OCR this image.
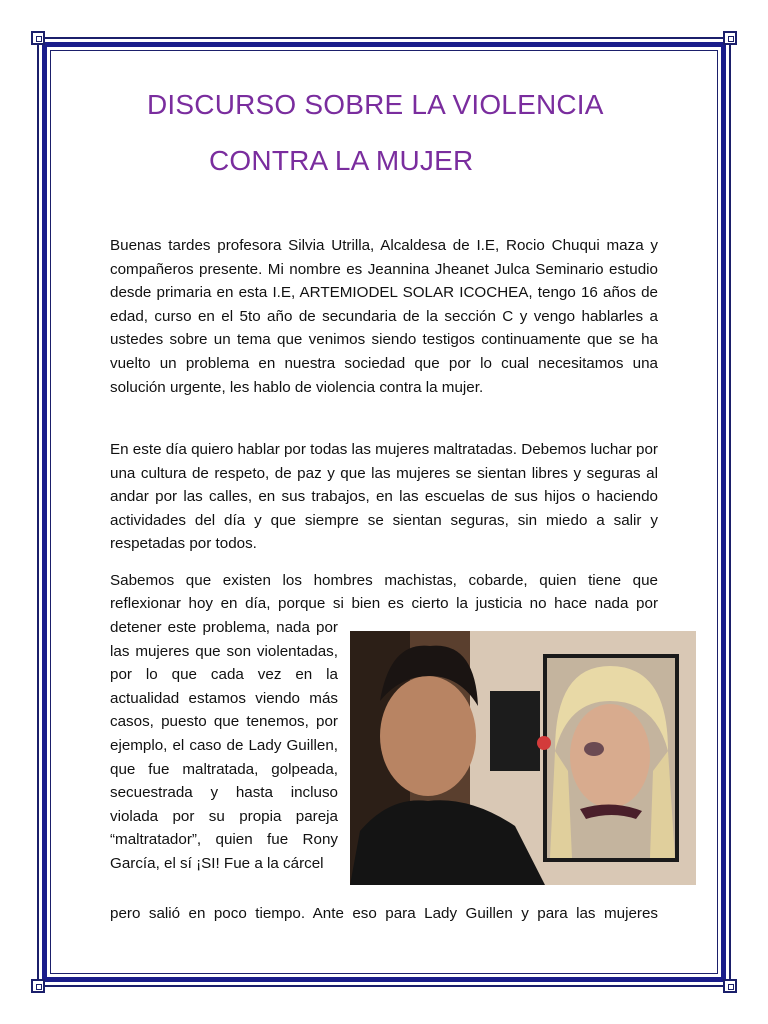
DISCURSO SOBRE LA VIOLENCIA
CONTRA LA MUJER

Buenas tardes profesora Silvia Utrilla, Alcaldesa de I.E, Rocio Chuqui maza y compañeros presente. Mi nombre es Jeannina Jheanet Julca Seminario estudio desde primaria en esta I.E, ARTEMIODEL SOLAR ICOCHEA, tengo 16 años de edad, curso en el 5to año de secundaria de la sección C y vengo hablarles a ustedes sobre un tema que venimos siendo testigos continuamente que se ha vuelto un problema en nuestra sociedad que por lo cual necesitamos una solución urgente, les hablo de violencia contra la mujer.

En este día quiero hablar por todas las mujeres maltratadas. Debemos luchar por una cultura de respeto, de paz y que las mujeres se sientan libres y seguras al andar por las calles, en sus trabajos, en las escuelas de sus hijos o haciendo actividades del día y que siempre se sientan seguras, sin miedo a salir y respetadas por todos.

Sabemos que existen los hombres machistas, cobarde, quien tiene que

reflexionar hoy en día, porque si bien es cierto la justicia no hace nada por

detener este problema, nada por las mujeres que son violentadas, por lo que cada vez en la actualidad estamos viendo más casos, puesto que tenemos, por ejemplo, el caso de Lady Guillen, que fue maltratada, golpeada, secuestrada y hasta incluso violada por su propia pareja “maltratador”, quien fue Rony García, el sí ¡SI! Fue a la cárcel

pero salió en poco tiempo. Ante eso para Lady Guillen y para las mujeres
